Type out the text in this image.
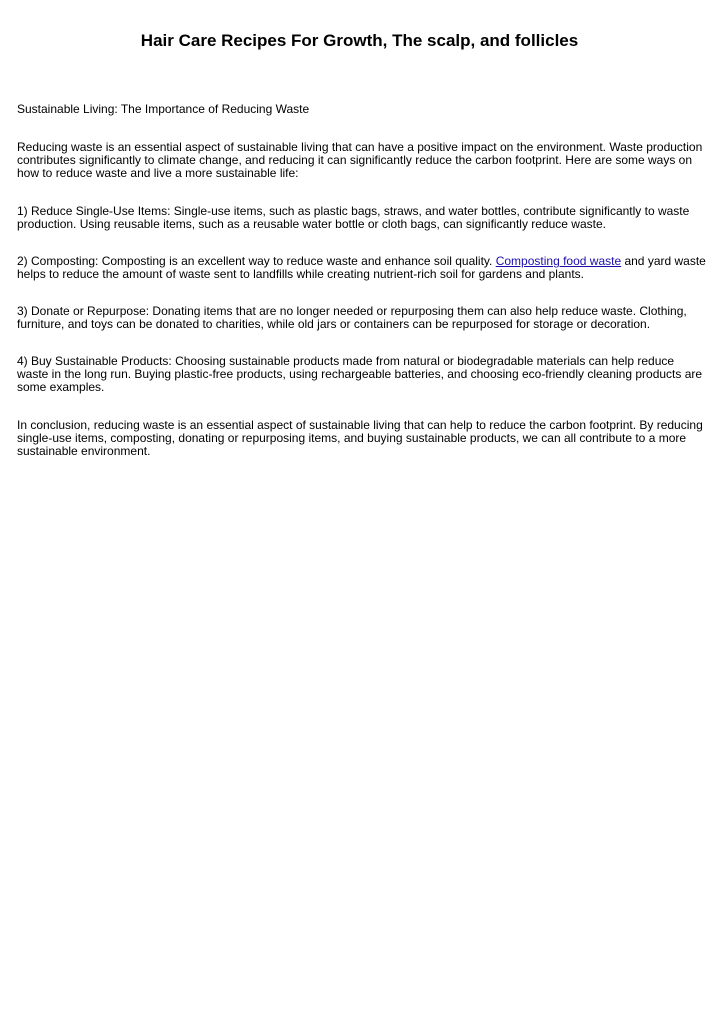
Hair Care Recipes For Growth, The scalp, and follicles

Sustainable Living: The Importance of Reducing Waste

Reducing waste is an essential aspect of sustainable living that can have a positive impact on the environment. Waste production contributes significantly to climate change, and reducing it can significantly reduce the carbon footprint. Here are some ways on how to reduce waste and live a more sustainable life:

1) Reduce Single-Use Items: Single-use items, such as plastic bags, straws, and water bottles, contribute significantly to waste production. Using reusable items, such as a reusable water bottle or cloth bags, can significantly reduce waste.

2) Composting: Composting is an excellent way to reduce waste and enhance soil quality. Composting food waste and yard waste helps to reduce the amount of waste sent to landfills while creating nutrient-rich soil for gardens and plants.

3) Donate or Repurpose: Donating items that are no longer needed or repurposing them can also help reduce waste. Clothing, furniture, and toys can be donated to charities, while old jars or containers can be repurposed for storage or decoration.

4) Buy Sustainable Products: Choosing sustainable products made from natural or biodegradable materials can help reduce waste in the long run. Buying plastic-free products, using rechargeable batteries, and choosing eco-friendly cleaning products are some examples.

In conclusion, reducing waste is an essential aspect of sustainable living that can help to reduce the carbon footprint. By reducing single-use items, composting, donating or repurposing items, and buying sustainable products, we can all contribute to a more sustainable environment.
